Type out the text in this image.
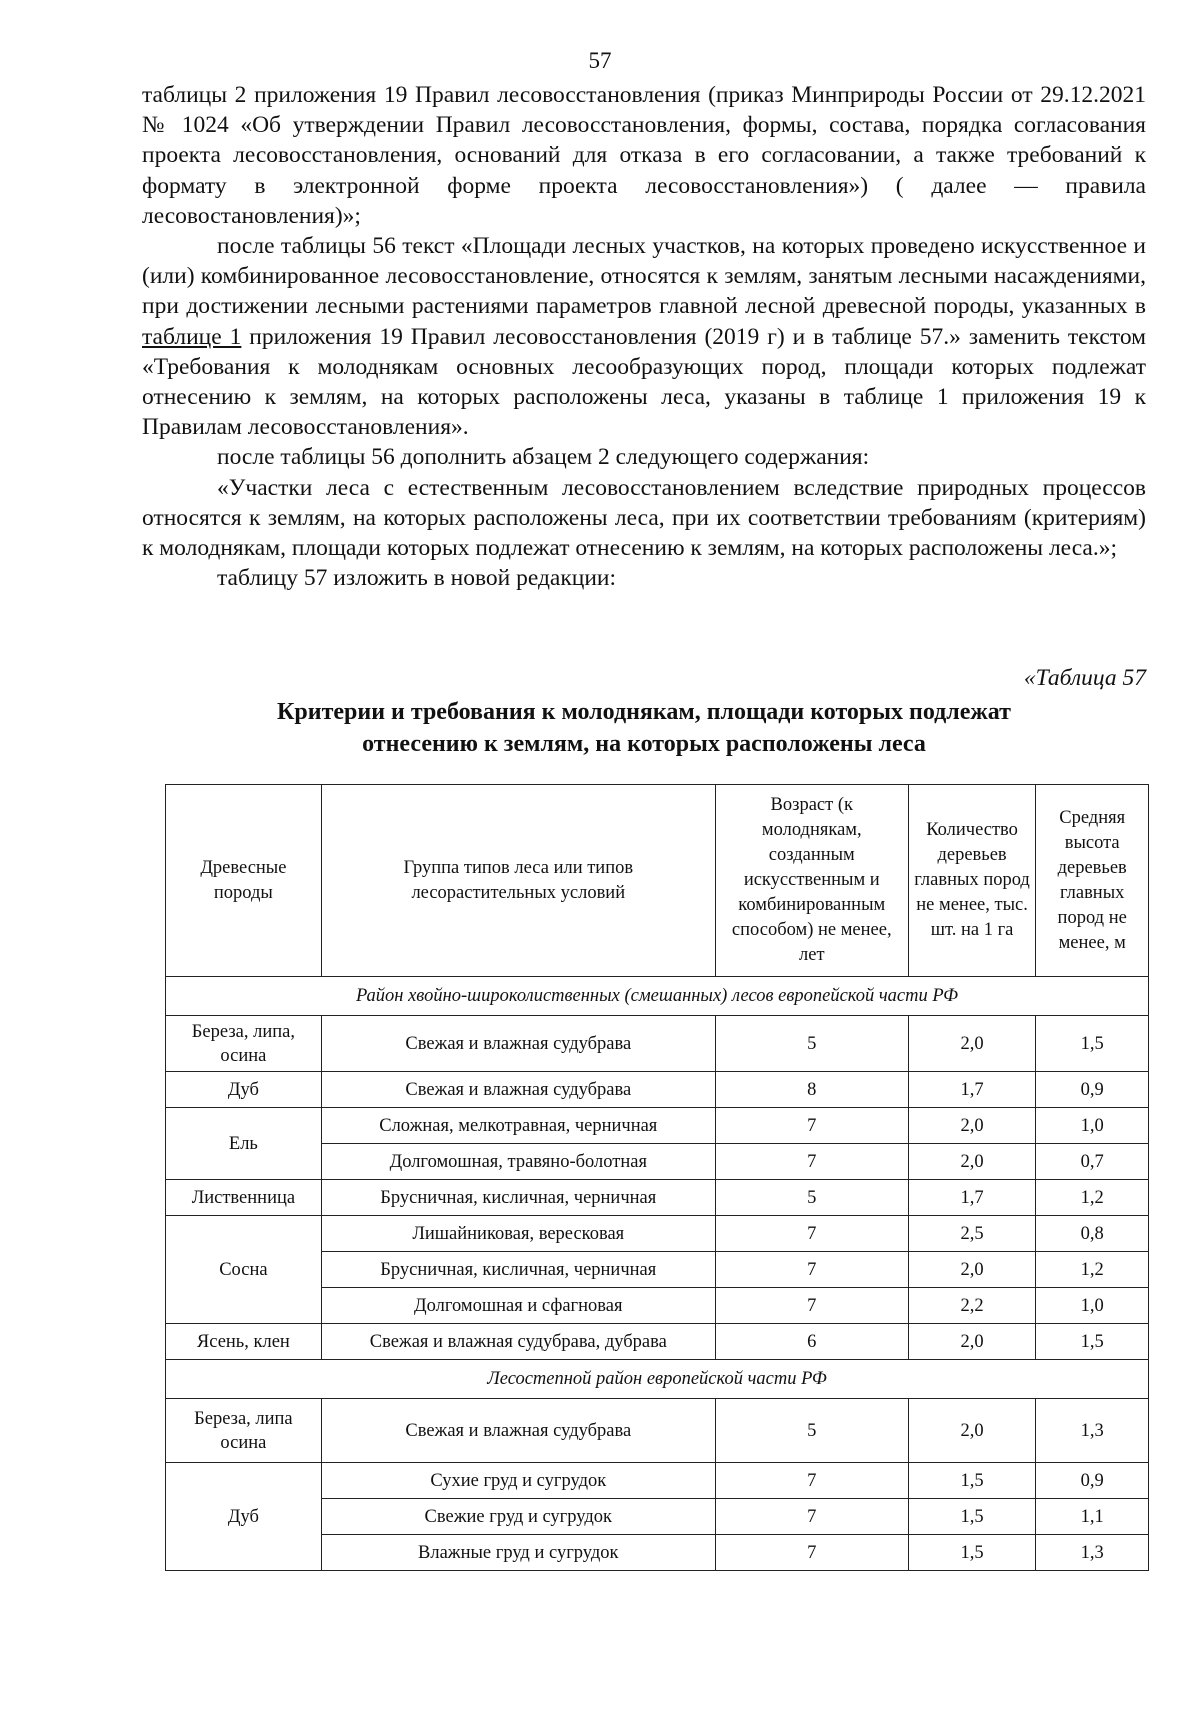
57

таблицы 2 приложения 19 Правил лесовосстановления (приказ Минприроды России от 29.12.2021 № 1024 «Об утверждении Правил лесовосстановления, формы, состава, порядка согласования проекта лесовосстановления, оснований для отказа в его согласовании, а также требований к формату в электронной форме проекта лесовосстановления») ( далее — правила лесовостановления)»;

после таблицы 56 текст «Площади лесных участков, на которых проведено искусственное и (или) комбинированное лесовосстановление, относятся к землям, занятым лесными насаждениями, при достижении лесными растениями параметров главной лесной древесной породы, указанных в таблице 1 приложения 19 Правил лесовосстановления (2019 г) и в таблице 57.» заменить текстом «Требования к молоднякам основных лесообразующих пород, площади которых подлежат отнесению к землям, на которых расположены леса, указаны в таблице 1 приложения 19 к Правилам лесовосстановления».

после таблицы 56 дополнить абзацем 2 следующего содержания:

«Участки леса с естественным лесовосстановлением вследствие природных процессов относятся к землям, на которых расположены леса, при их соответствии требованиям (критериям) к молоднякам, площади которых подлежат отнесению к землям, на которых расположены леса.»;

таблицу 57 изложить в новой редакции:

«Таблица 57
Критерии и требования к молоднякам, площади которых подлежат
отнесению к землям, на которых расположены леса
Древесные породы	Группа типов леса или типов лесорастительных условий	Возраст (к молоднякам, созданным искусственным и комбинированным способом) не менее, лет	Количество деревьев главных пород не менее, тыс. шт. на 1 га	Средняя высота деревьев главных пород не менее, м
Район хвойно-широколиственных (смешанных) лесов европейской части РФ				
Береза, липа, осина	Свежая и влажная судубрава	5	2,0	1,5
Дуб	Свежая и влажная судубрава	8	1,7	0,9
Ель	Сложная, мелкотравная, черничная	7	2,0	1,0
	Долгомошная, травяно-болотная	7	2,0	0,7
Лиственница	Брусничная, кисличная, черничная	5	1,7	1,2
Сосна	Лишайниковая, вересковая	7	2,5	0,8
	Брусничная, кисличная, черничная	7	2,0	1,2
	Долгомошная и сфагновая	7	2,2	1,0
Ясень, клен	Свежая и влажная судубрава, дубрава	6	2,0	1,5
Лесостепной район европейской части РФ				
Береза, липа осина	Свежая и влажная судубрава	5	2,0	1,3
Дуб	Сухие груд и сугрудок	7	1,5	0,9
	Свежие груд и сугрудок	7	1,5	1,1
	Влажные груд и сугрудок	7	1,5	1,3
